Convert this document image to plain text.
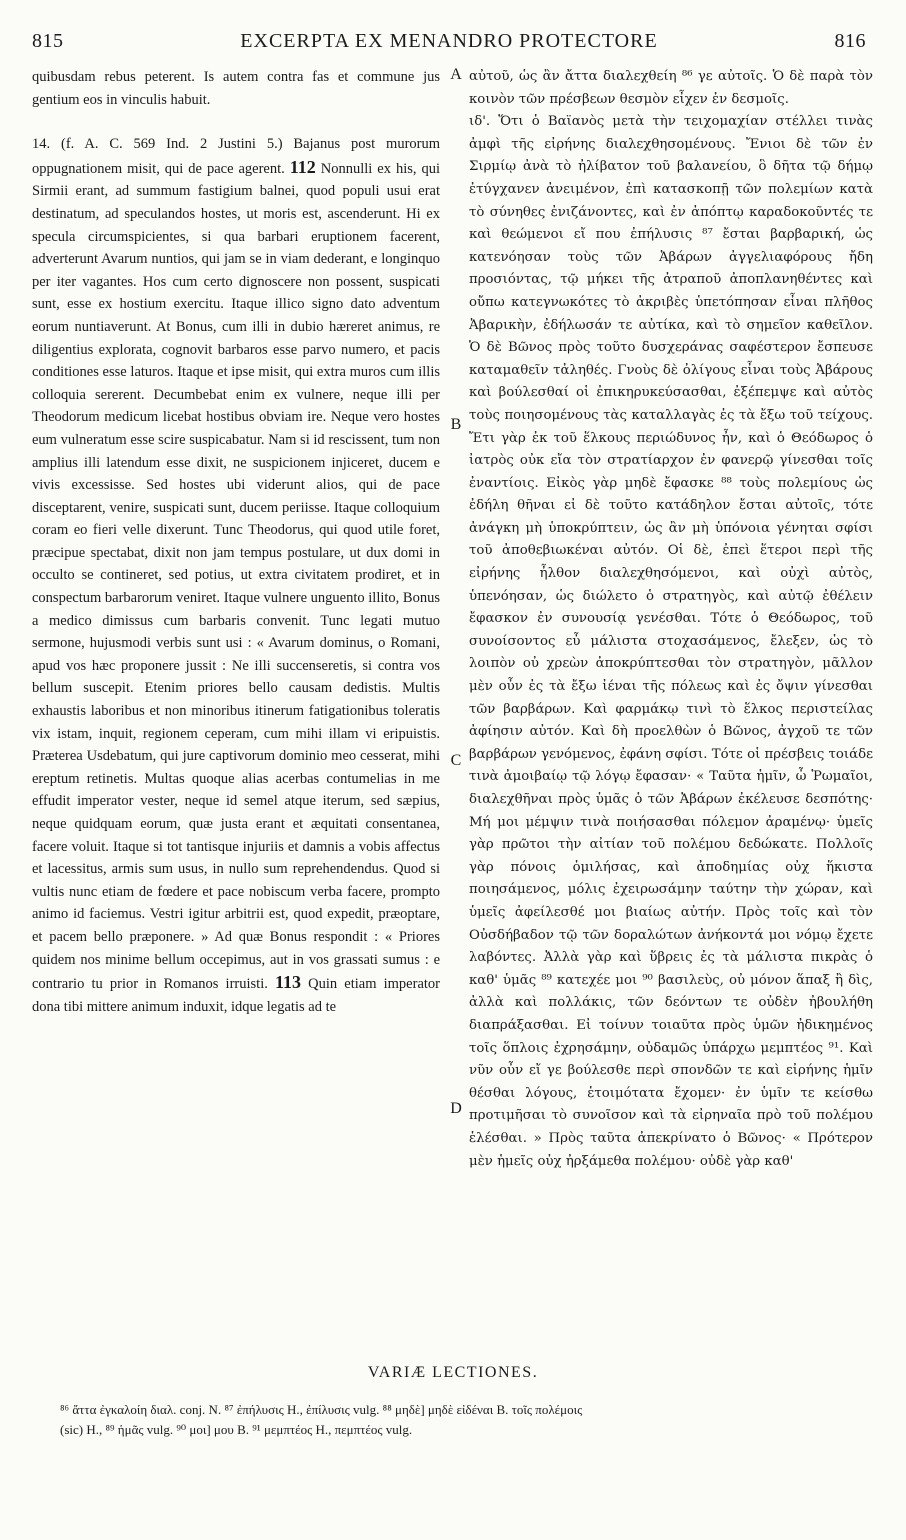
815	EXCERPTA EX MENANDRO PROTECTORE	816

quibusdam rebus peterent. Is autem contra fas et commune jus gentium eos in vinculis habuit.

14. (f. A. C. 569 Ind. 2 Justini 5.) Bajanus post murorum oppugnationem misit, qui de pace agerent. 112 Nonnulli ex his, qui Sirmii erant, ad summum fastigium balnei, quod populi usui erat destinatum, ad speculandos hostes, ut moris est, ascenderunt. Hi ex specula circumspicientes, si qua barbari eruptionem facerent, adverterunt Avarum nuntios, qui jam se in viam dederant, e longinquo per iter vagantes. Hos cum certo dignoscere non possent, suspicati sunt, esse ex hostium exercitu. Itaque illico signo dato adventum eorum nuntiaverunt. At Bonus, cum illi in dubio hæreret animus, re diligentius explorata, cognovit barbaros esse parvo numero, et pacis conditiones esse laturos. Itaque et ipse misit, qui extra muros cum illis colloquia sererent. Decumbebat enim ex vulnere, neque illi per Theodorum medicum licebat hostibus obviam ire. Neque vero hostes eum vulneratum esse scire suspicabatur. Nam si id rescissent, tum non amplius illi latendum esse dixit, ne suspicionem injiceret, ducem e vivis excessisse. Sed hostes ubi viderunt alios, qui de pace disceptarent, venire, suspicati sunt, ducem periisse. Itaque colloquium coram eo fieri velle dixerunt. Tunc Theodorus, qui quod utile foret, præcipue spectabat, dixit non jam tempus postulare, ut dux domi in occulto se contineret, sed potius, ut extra civitatem prodiret, et in conspectum barbarorum veniret. Itaque vulnere unguento illito, Bonus a medico dimissus cum barbaris convenit. Tunc legati mutuo sermone, hujusmodi verbis sunt usi : « Avarum dominus, o Romani, apud vos hæc proponere jussit : Ne illi succenseretis, si contra vos bellum suscepit. Etenim priores bello causam dedistis. Multis exhaustis laboribus et non minoribus itinerum fatigationibus toleratis vix istam, inquit, regionem ceperam, cum mihi illam vi eripuistis. Præterea Usdebatum, qui jure captivorum dominio meo cesserat, mihi ereptum retinetis. Multas quoque alias acerbas contumelias in me effudit imperator vester, neque id semel atque iterum, sed sæpius, neque quidquam eorum, quæ justa erant et æquitati consentanea, facere voluit. Itaque si tot tantisque injuriis et damnis a vobis affectus et lacessitus, armis sum usus, in nullo sum reprehendendus. Quod si vultis nunc etiam de fœdere et pace nobiscum verba facere, prompto animo id faciemus. Vestri igitur arbitrii est, quod expedit, præoptare, et pacem bello præponere. » Ad quæ Bonus respondit : « Priores quidem nos minime bellum occepimus, aut in vos grassati sumus : e contrario tu prior in Romanos irruisti. 113 Quin etiam imperator dona tibi mittere animum induxit, idque legatis ad te

A
B
C
D

αὐτοῦ, ὡς ἂν ἄττα διαλεχθείη ⁸⁶ γε αὐτοῖς. Ὁ δὲ παρὰ τὸν κοινὸν τῶν πρέσβεων θεσμὸν εἶχεν ἐν δεσμοῖς.

ιδ'. Ὅτι ὁ Βαϊανὸς μετὰ τὴν τειχομαχίαν στέλλει τινὰς ἀμφὶ τῆς εἰρήνης διαλεχθησομένους. Ἔνιοι δὲ τῶν ἐν Σιρμίῳ ἀνὰ τὸ ἠλίβατον τοῦ βαλανείου, ὃ δῆτα τῷ δήμῳ ἐτύγχανεν ἀνειμένον, ἐπὶ κατασκοπῇ τῶν πολεμίων κατὰ τὸ σύνηθες ἐνιζάνοντες, καὶ ἐν ἀπόπτῳ καραδοκοῦντές τε καὶ θεώμενοι εἴ που ἐπήλυσις ⁸⁷ ἔσται βαρβαρική, ὡς κατενόησαν τοὺς τῶν Ἀβάρων ἀγγελιαφόρους ἤδη προσιόντας, τῷ μήκει τῆς ἀτραποῦ ἀποπλανηθέντες καὶ οὔπω κατεγνωκότες τὸ ἀκριβὲς ὑπετόπησαν εἶναι πλῆθος Ἀβαρικὴν, ἐδήλωσάν τε αὐτίκα, καὶ τὸ σημεῖον καθεῖλον. Ὁ δὲ Βῶνος πρὸς τοῦτο δυσχεράνας σαφέστερον ἔσπευσε καταμαθεῖν τἀληθές. Γνοὺς δὲ ὀλίγους εἶναι τοὺς Ἀβάρους καὶ βούλεσθαί οἱ ἐπικηρυκεύσασθαι, ἐξέπεμψε καὶ αὐτὸς τοὺς ποιησομένους τὰς καταλλαγὰς ἐς τὰ ἔξω τοῦ τείχους. Ἔτι γὰρ ἐκ τοῦ ἕλκους περιώδυνος ἦν, καὶ ὁ Θεόδωρος ὁ ἰατρὸς οὐκ εἴα τὸν στρατίαρχον ἐν φανερῷ γίνεσθαι τοῖς ἐναντίοις. Εἰκὸς γὰρ μηδὲ ἔφασκε ⁸⁸ τοὺς πολεμίους ὡς ἐδήλη θῆναι εἰ δὲ τοῦτο κατάδηλον ἔσται αὐτοῖς, τότε ἀνάγκη μὴ ὑποκρύπτειν, ὡς ἂν μὴ ὑπόνοια γένηται σφίσι τοῦ ἀποθεβιωκέναι αὐτόν. Οἱ δὲ, ἐπεὶ ἕτεροι περὶ τῆς εἰρήνης ἦλθον διαλεχθησόμενοι, καὶ οὐχὶ αὐτὸς, ὑπενόησαν, ὡς διώλετο ὁ στρατηγὸς, καὶ αὐτῷ ἐθέλειν ἔφασκον ἐν συνουσίᾳ γενέσθαι. Τότε ὁ Θεόδωρος, τοῦ συνοίσοντος εὖ μάλιστα στοχασάμενος, ἔλεξεν, ὡς τὸ λοιπὸν οὐ χρεὼν ἀποκρύπτεσθαι τὸν στρατηγὸν, μᾶλλον μὲν οὖν ἐς τὰ ἔξω ἰέναι τῆς πόλεως καὶ ἐς ὄψιν γίνεσθαι τῶν βαρβάρων. Καὶ φαρμάκῳ τινὶ τὸ ἕλκος περιστείλας ἀφίησιν αὐτόν. Καὶ δὴ προελθὼν ὁ Βῶνος, ἀγχοῦ τε τῶν βαρβάρων γενόμενος, ἐφάνη σφίσι. Τότε οἱ πρέσβεις τοιάδε τινὰ ἀμοιβαίῳ τῷ λόγῳ ἔφασαν· « Ταῦτα ἡμῖν, ὦ Ῥωμαῖοι, διαλεχθῆναι πρὸς ὑμᾶς ὁ τῶν Ἀβάρων ἐκέλευσε δεσπότης· Μή μοι μέμψιν τινὰ ποιήσασθαι πόλεμον ἀραμένῳ· ὑμεῖς γὰρ πρῶτοι τὴν αἰτίαν τοῦ πολέμου δεδώκατε. Πολλοῖς γὰρ πόνοις ὁμιλήσας, καὶ ἀποδημίας οὐχ ἥκιστα ποιησάμενος, μόλις ἐχειρωσάμην ταύτην τὴν χώραν, καὶ ὑμεῖς ἀφείλεσθέ μοι βιαίως αὐτήν. Πρὸς τοῖς καὶ τὸν Οὐσδήβαδον τῷ τῶν δοραλώτων ἀνήκοντά μοι νόμῳ ἔχετε λαβόντες. Ἀλλὰ γὰρ καὶ ὕβρεις ἐς τὰ μάλιστα πικρὰς ὁ καθ' ὑμᾶς ⁸⁹ κατεχέε μοι ⁹⁰ βασιλεὺς, οὐ μόνον ἅπαξ ἢ δὶς, ἀλλὰ καὶ πολλάκις, τῶν δεόντων τε οὐδὲν ἠβουλήθη διαπράξασθαι. Εἰ τοίνυν τοιαῦτα πρὸς ὑμῶν ἠδικημένος τοῖς ὅπλοις ἐχρησάμην, οὐδαμῶς ὑπάρχω μεμπτέος ⁹¹. Καὶ νῦν οὖν εἴ γε βούλεσθε περὶ σπονδῶν τε καὶ εἰρήνης ἡμῖν θέσθαι λόγους, ἑτοιμότατα ἔχομεν· ἐν ὑμῖν τε κείσθω προτιμῆσαι τὸ συνοῖσον καὶ τὰ εἰρηναῖα πρὸ τοῦ πολέμου ἑλέσθαι. » Πρὸς ταῦτα ἀπεκρίνατο ὁ Βῶνος· « Πρότερον μὲν ἡμεῖς οὐχ ἠρξάμεθα πολέμου· οὐδὲ γὰρ καθ'

VARIÆ LECTIONES.

⁸⁶ ἄττα ἐγκαλοίη διαλ. conj. N. ⁸⁷ ἐπήλυσις H., ἐπίλυσις vulg. ⁸⁸ μηδὲ] μηδὲ εἰδέναι B. τοῖς πολέμοις

(sic) H., ⁸⁹ ἡμᾶς vulg. ⁹⁰ μοι] μου B. ⁹¹ μεμπτέος H., πεμπτέος vulg.
